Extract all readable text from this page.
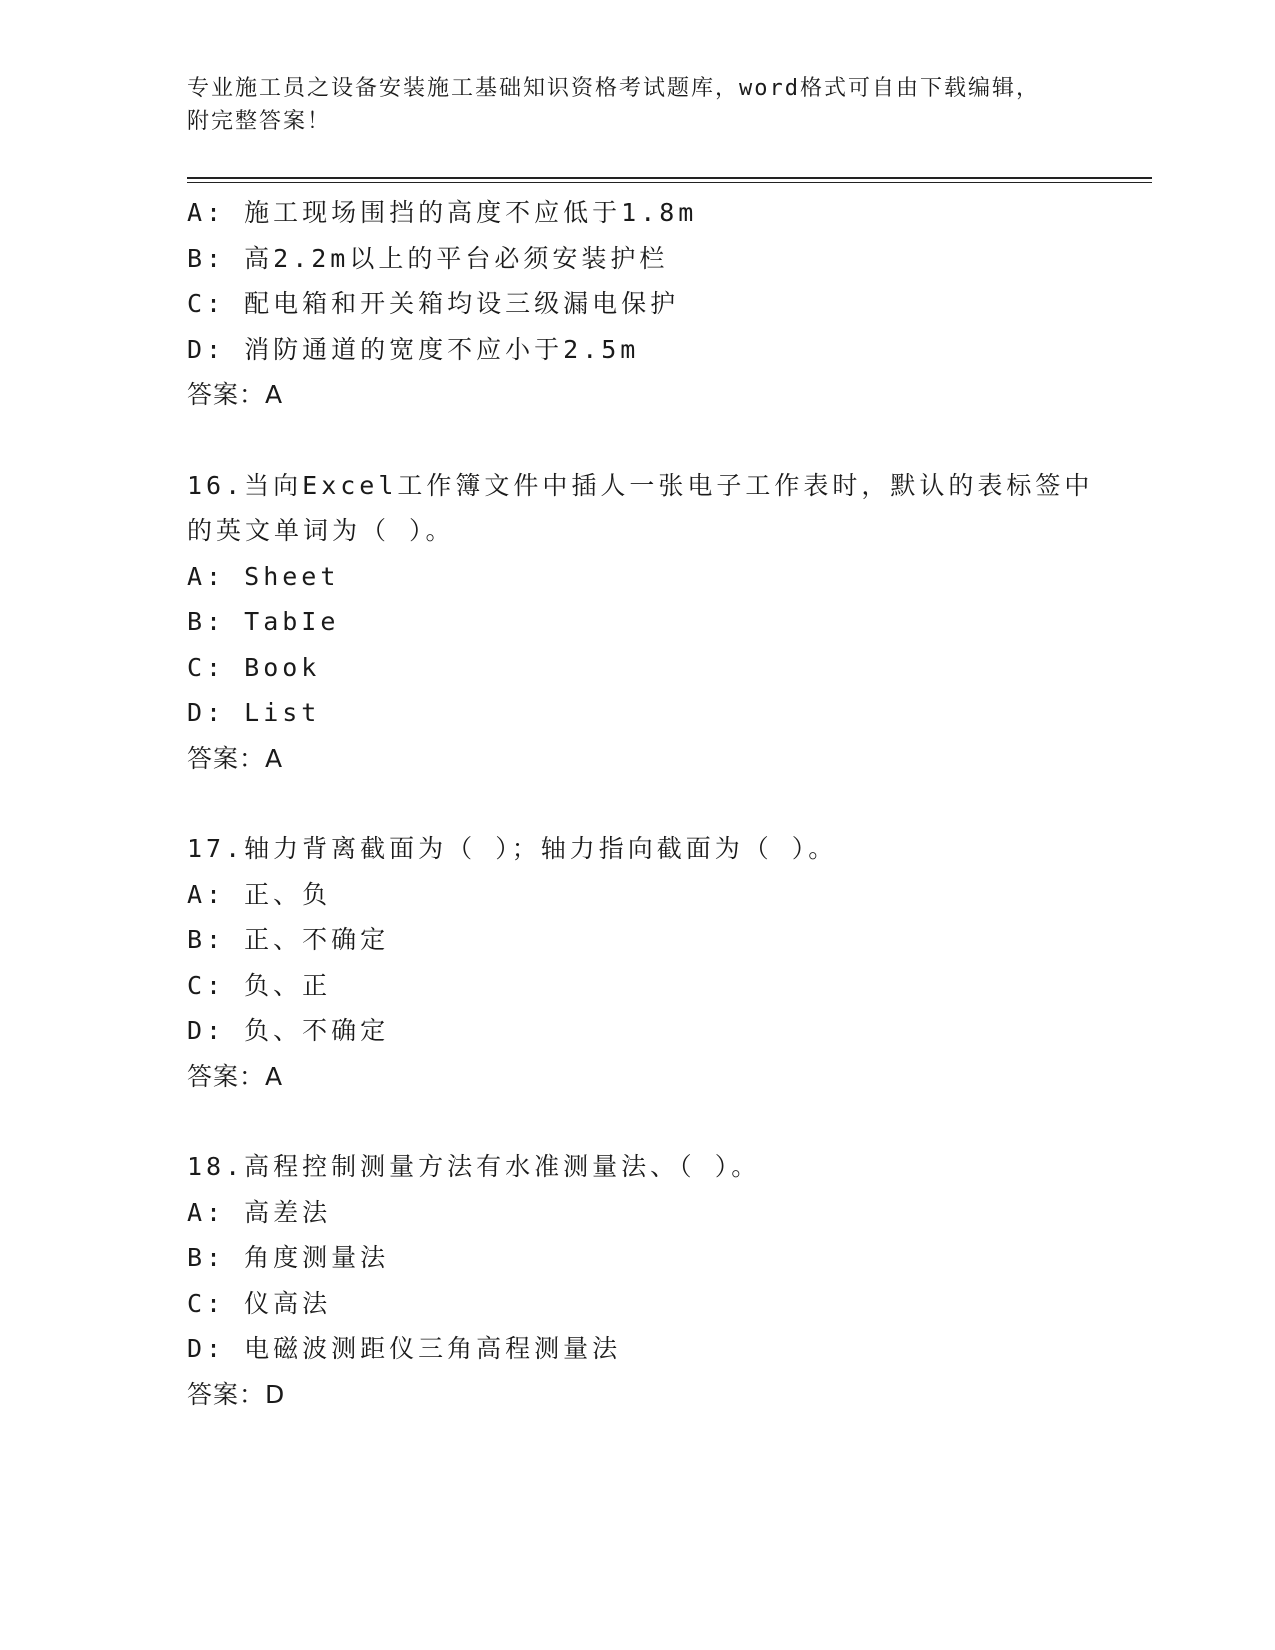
专业施工员之设备安装施工基础知识资格考试题库，word格式可自由下载编辑，
附完整答案！
A: 施工现场围挡的高度不应低于1.8m
B: 高2.2m以上的平台必须安装护栏
C: 配电箱和开关箱均设三级漏电保护
D: 消防通道的宽度不应小于2.5m
答案：A
16.当向Excel工作簿文件中插人一张电子工作表时，默认的表标签中
的英文单词为（ ）。
A: Sheet
B: TabIe
C: Book
D: List
答案：A
17.轴力背离截面为（ ）；轴力指向截面为（ ）。
A: 正、负
B: 正、不确定
C: 负、正
D: 负、不确定
答案：A
18.高程控制测量方法有水准测量法、（ ）。
A: 高差法
B: 角度测量法
C: 仪高法
D: 电磁波测距仪三角高程测量法
答案：D
